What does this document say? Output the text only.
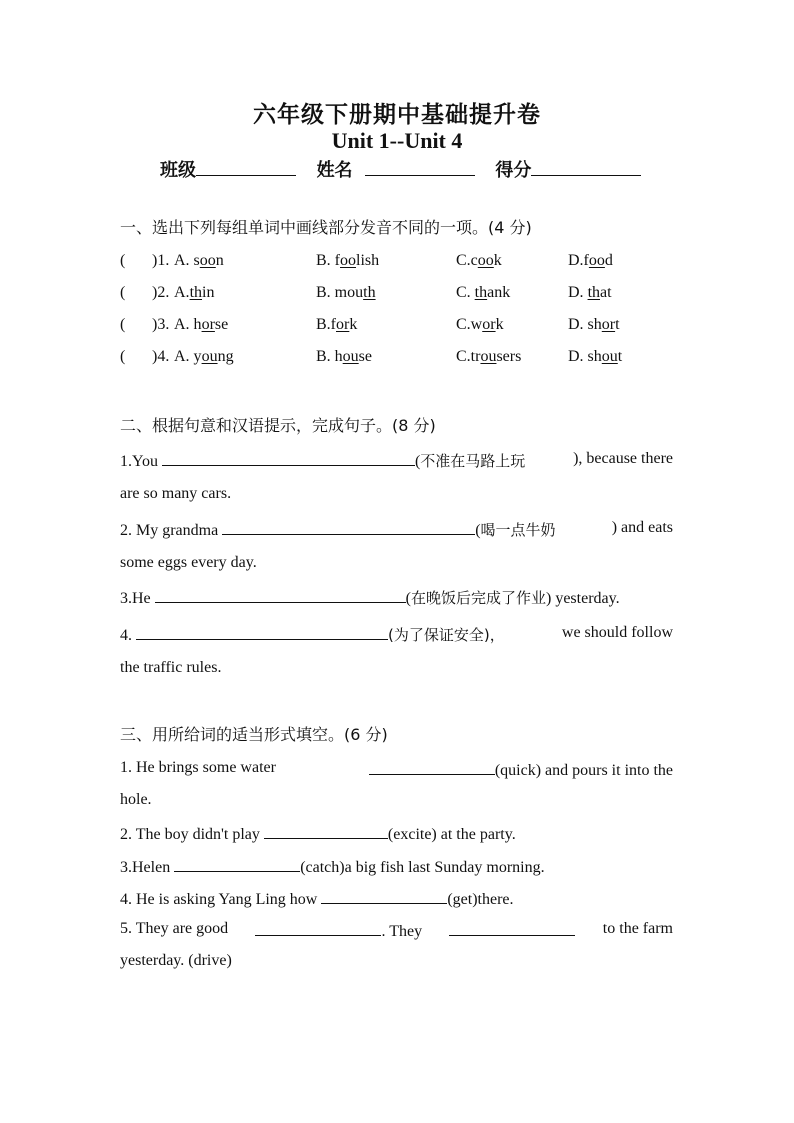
六年级下册期中基础提升卷
Unit 1--Unit 4
班级	姓名	得分
一、选出下列每组单词中画线部分发音不同的一项。(4 分)
( )1. A. soon	B. foolish	C.cook	D.food
( )2. A.thin	B. mouth	C. thank	D. that
( )3. A. horse	B.fork	C.work	D. short
( )4. A. young	B. house	C.trousers	D. shout
二、根据句意和汉语提示，完成句子。(8 分)
1.You	(不准在马路上玩	), because there
are so many cars.
2. My grandma	(喝一点牛奶	) and eats
some eggs every day.
3.He	(在晚饭后完成了作业) yesterday.
4.	(为了保证安全)，	we should follow
the traffic rules.
三、用所给词的适当形式填空。(6 分)
1. He brings some water	(quick) and pours it into the
hole.
2. The boy didn't play	(excite) at the party.
3.Helen	(catch)a big fish last Sunday morning.
4. He is asking Yang Ling how	(get)there.
5. They are good	. They	to the farm
yesterday. (drive)
